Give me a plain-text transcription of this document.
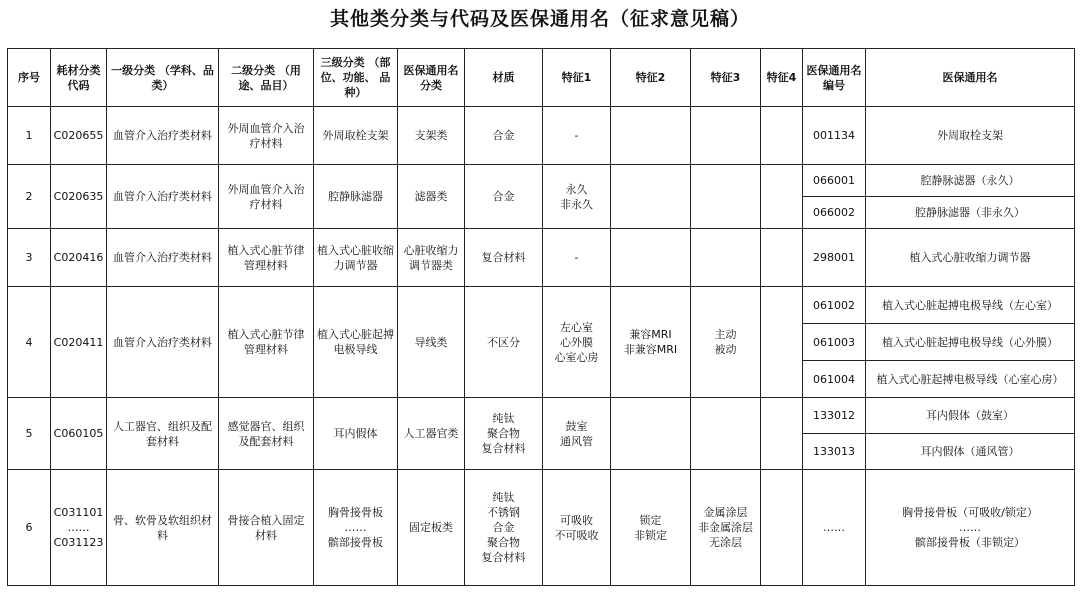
其他类分类与代码及医保通用名（征求意见稿）
序号	耗材分类 代码	一级分类 （学科、品类）	二级分类 （用途、品目）	三级分类 （部位、功能、 品种）	医保通用名 分类	材质	特征1	特征2	特征3	特征4	医保通用名 编号	医保通用名

1	C020655	血管介入治疗类材料	外周血管介入治
疗材料	外周取栓支架	支架类	合金	-				001134	外周取栓支架

2	C020635	血管介入治疗类材料	外周血管介入治
疗材料	腔静脉滤器	滤器类	合金	永久
非永久				066001	腔静脉滤器（永久）

											066002	腔静脉滤器（非永久）

3	C020416	血管介入治疗类材料	植入式心脏节律
管理材料	植入式心脏收缩
力调节器	心脏收缩力
调节器类	复合材料	-				298001	植入式心脏收缩力调节器

4	C020411	血管介入治疗类材料	植入式心脏节律
管理材料	植入式心脏起搏
电极导线	导线类	不区分	左心室
心外膜
心室心房	兼容MRI
非兼容MRI	主动
被动		061002	植入式心脏起搏电极导线（左心室）

											061003	植入式心脏起搏电极导线（心外膜）

											061004	植入式心脏起搏电极导线（心室心房）

5	C060105	人工器官、组织及配
套材料	感觉器官、组织
及配套材料	耳内假体	人工器官类	纯钛
聚合物
复合材料	鼓室
通风管				133012	耳内假体（鼓室）

											133013	耳内假体（通风管）

6	C031101
……
C031123	骨、软骨及软组织材
料	骨接合植入固定
材料	胸骨接骨板
……
髌部接骨板	固定板类	纯钛
不锈钢
合金
聚合物
复合材料	可吸收
不可吸收	锁定
非锁定	金属涂层
非金属涂层
无涂层		……	胸骨接骨板（可吸收/锁定）
……
髌部接骨板（非锁定）
